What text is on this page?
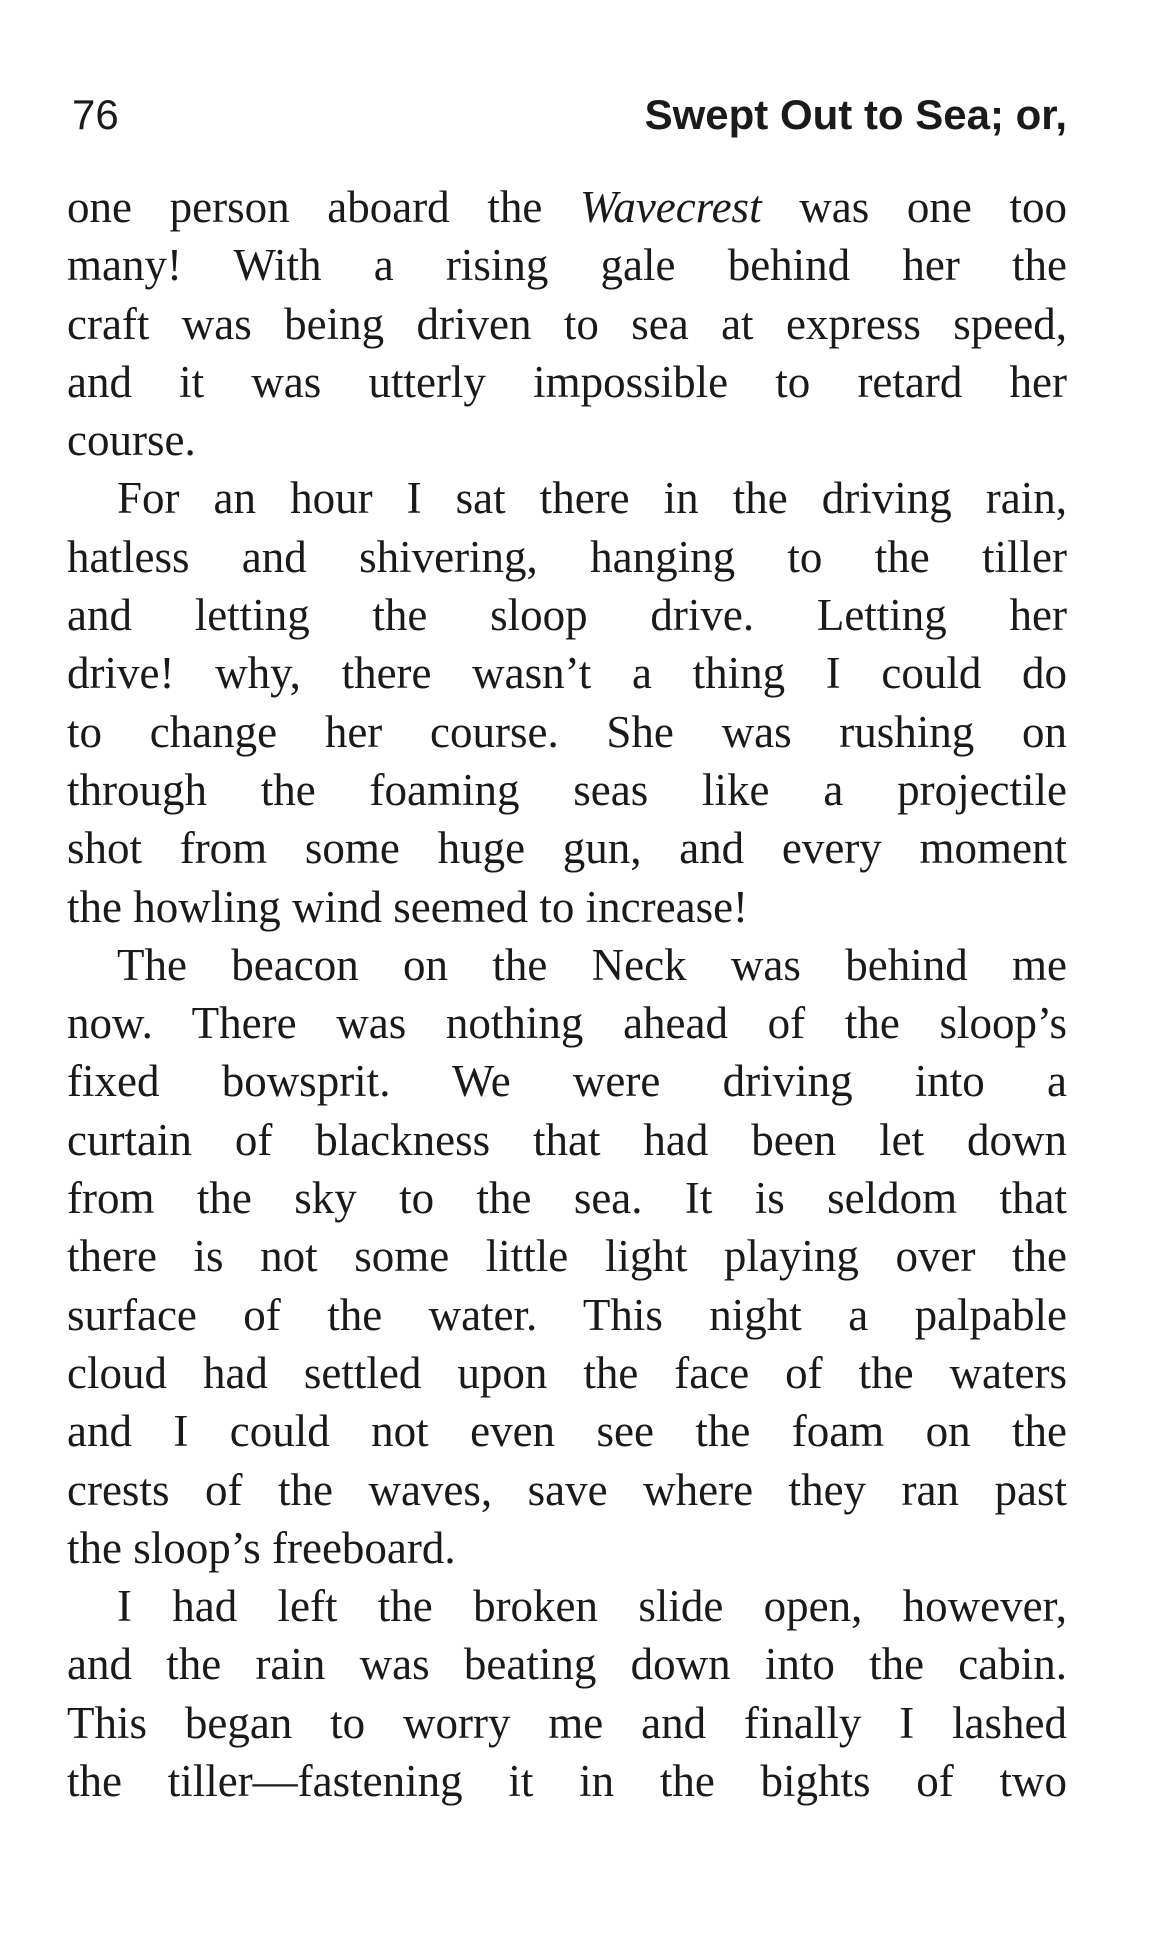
76	Swept Out to Sea; or,
one person aboard the Wavecrest was one too
many! With a rising gale behind her the
craft was being driven to sea at express speed,
and it was utterly impossible to retard her
course.
For an hour I sat there in the driving rain,
hatless and shivering, hanging to the tiller
and letting the sloop drive. Letting her
drive! why, there wasn’t a thing I could do
to change her course. She was rushing on
through the foaming seas like a projectile
shot from some huge gun, and every moment
the howling wind seemed to increase!
The beacon on the Neck was behind me
now. There was nothing ahead of the sloop’s
fixed bowsprit. We were driving into a
curtain of blackness that had been let down
from the sky to the sea. It is seldom that
there is not some little light playing over the
surface of the water. This night a palpable
cloud had settled upon the face of the waters
and I could not even see the foam on the
crests of the waves, save where they ran past
the sloop’s freeboard.
I had left the broken slide open, however,
and the rain was beating down into the cabin.
This began to worry me and finally I lashed
the tiller—fastening it in the bights of two
